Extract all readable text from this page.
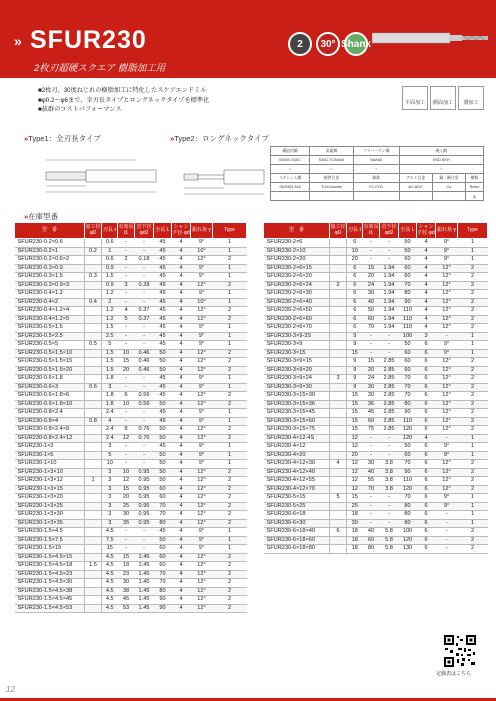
» SFUR230
2枚刃超硬スクエア 樹脂加工用
2	30° Shank
■2枚刃、30度ねじれの樹脂加工に特化したスケアエンドミル
■φ0.2～φ6まで、全刃長タイプとロングネックタイプを標準化
■抜群のコストパフォーマンス
平面加工	側面加工	溝加工
»Type1：全刃長タイプ	»Type2：ロングネックタイプ
構造用鋼	炭素鋼	プリハードン鋼	焼入鋼		
SS400,S15C	S45C,SCM440	NAK80	SKD,SKH		
○	○	○	○		
ステンレス鋼	耐熱合金	鋳鉄	アルミ合金	銅・銅合金	樹脂
SUS304,316	Ti,Ni,Inconel	FC,FCD	AC,ADC	Cu	Resin
					◎
»在庫型番
型　番	加工径 φD	刃長 ℓ	有効長 ℓ1	首下径 φd2	全長 L	シャンク径 φd	振れ角 γ	Type
SFUR230-0.2×0.6		0.6	-	-	45	4	9°	1
SFUR230-0.2×1	0.2	1	-	-	45	4	10°	1
SFUR230-0.2×0.6×2		0.6	2	0.18	45	4	12°	2
SFUR230-0.3×0.9		0.9	-	-	45	4	9°	1
SFUR230-0.3×1.5	0.3	1.5	-	-	45	4	9°	1
SFUR230-0.3×0.9×3		0.9	3	0.28	45	4	12°	2
SFUR230-0.4×1.2		1.2	-	-	45	4	9°	1
SFUR230-0.4×2	0.4	2	-	-	45	4	10°	1
SFUR230-0.4×1.2×4		1.2	4	0.37	45	4	12°	2
SFUR230-0.4×1.2×5		1.2	5	0.37	45	4	12°	2
SFUR230-0.5×1.5		1.5	-	-	45	4	9°	1
SFUR230-0.5×2.5		2.5	-	-	45	4	9°	1
SFUR230-0.5×5	0.5	5	-	-	45	4	9°	1
SFUR230-0.5×1.5×10		1.5	10	0.46	50	4	12°	2
SFUR230-0.5×1.5×15		1.5	15	0.46	50	4	12°	2
SFUR230-0.5×1.5×20		1.5	20	0.46	50	4	12°	2
SFUR230-0.6×1.8		1.8	-	-	45	4	9°	1
SFUR230-0.6×3	0.6	3	-	-	45	4	9°	1
SFUR230-0.6×1.8×6		1.8	6	0.56	45	4	12°	2
SFUR230-0.6×1.8×10		1.8	10	0.56	50	4	12°	2
SFUR230-0.8×2.4		2.4	-	-	45	4	9°	1
SFUR230-0.8×4	0.8	4	-	-	45	4	9°	1
SFUR230-0.8×2.4×8		2.4	8	0.76	50	4	12°	2
SFUR230-0.8×2.4×12		2.4	12	0.76	50	4	12°	2
SFUR230-1×3		3	-	-	45	4	9°	1
SFUR230-1×5		5	-	-	50	4	9°	1
SFUR230-1×10		10	-	-	50	4	9°	1
SFUR230-1×3×10		3	10	0.95	50	4	12°	2
SFUR230-1×3×12	1	3	12	0.95	50	4	12°	2
SFUR230-1×3×15		3	15	0.95	60	4	12°	2
SFUR230-1×3×20		3	20	0.95	60	4	12°	2
SFUR230-1×3×25		3	25	0.95	70	4	12°	2
SFUR230-1×3×30		3	30	0.95	70	4	12°	2
SFUR230-1×3×35		3	35	0.95	80	4	12°	2
SFUR230-1.5×4.5		4.5	-	-	45	4	9°	1
SFUR230-1.5×7.5		7.5	-	-	50	4	9°	1
SFUR230-1.5×15		15	-	-	60	4	9°	1
SFUR230-1.5×4.5×15		4.5	15	1.45	60	4	12°	2
SFUR230-1.5×4.5×18	1.5	4.5	18	1.45	60	4	12°	2
SFUR230-1.5×4.5×23		4.5	23	1.45	70	4	12°	2
SFUR230-1.5×4.5×30		4.5	30	1.45	70	4	12°	2
SFUR230-1.5×4.5×38		4.5	38	1.45	80	4	12°	2
SFUR230-1.5×4.5×45		4.5	45	1.45	90	4	12°	2
SFUR230-1.5×4.5×53		4.5	53	1.45	90	4	12°	2
型　番	加工径 φD	刃長 ℓ	有効長 ℓ1	首下径 φd2	全長 L	シャンク径 φd	振れ角 γ	Type
SFUR230-2×6		6	-	-	50	4	9°	1
SFUR230-2×10		10	-	-	50	4	9°	1
SFUR230-2×20		20	-	-	60	4	9°	1
SFUR230-2×6×15		6	15	1.94	60	4	12°	2
SFUR230-2×6×20		6	20	1.94	60	4	12°	2
SFUR230-2×6×24	2	6	24	1.94	70	4	12°	2
SFUR230-2×6×30		6	30	1.94	80	4	12°	2
SFUR230-2×6×40		6	40	1.94	90	4	12°	2
SFUR230-2×6×50		6	50	1.94	110	4	12°	2
SFUR230-2×6×60		6	60	1.94	110	4	12°	2
SFUR230-2×6×70		6	70	1.94	110	4	12°	2
SFUR230-3×9-3S		9	-	-	100	3	-	1
SFUR230-3×9		9	-	-	50	6	9°	1
SFUR230-3×15		15	-	-	60	6	9°	1
SFUR230-3×9×15		9	15	2.85	60	6	12°	2
SFUR230-3×9×20		9	20	2.85	60	6	12°	2
SFUR230-3×9×24	3	9	24	2.85	70	6	12°	2
SFUR230-3×9×30		9	30	2.85	70	6	12°	2
SFUR230-3×15×30		15	30	2.85	70	6	12°	2
SFUR230-3×15×36		15	36	2.85	80	6	12°	2
SFUR230-3×15×45		15	45	2.85	90	6	12°	2
SFUR230-3×15×60		15	60	2.85	110	6	12°	2
SFUR230-3×15×75		15	75	2.85	120	6	12°	2
SFUR230-4×12-4S		12	-	-	120	4	-	1
SFUR230-4×12		12	-	-	50	6	9°	1
SFUR230-4×20		20	-	-	60	6	9°	1
SFUR230-4×12×30	4	12	30	3.8	70	6	12°	2
SFUR230-4×12×40		12	40	3.8	90	6	12°	2
SFUR230-4×12×55		12	55	3.8	110	6	12°	2
SFUR230-4×12×70		12	70	3.8	120	6	12°	2
SFUR230-5×15	5	15	-	-	70	6	9°	1
SFUR230-5×25		25	-	-	80	6	9°	1
SFUR230-6×18		18	-	-	80	6	-	1
SFUR230-6×30		30	-	-	80	6	-	1
SFUR230-6×18×40	6	18	40	5.8	100	6	-	2
SFUR230-6×18×60		18	60	5.8	120	6	-	2
SFUR230-6×18×80		18	80	5.8	130	6	-	2
定価表はこちら
12
